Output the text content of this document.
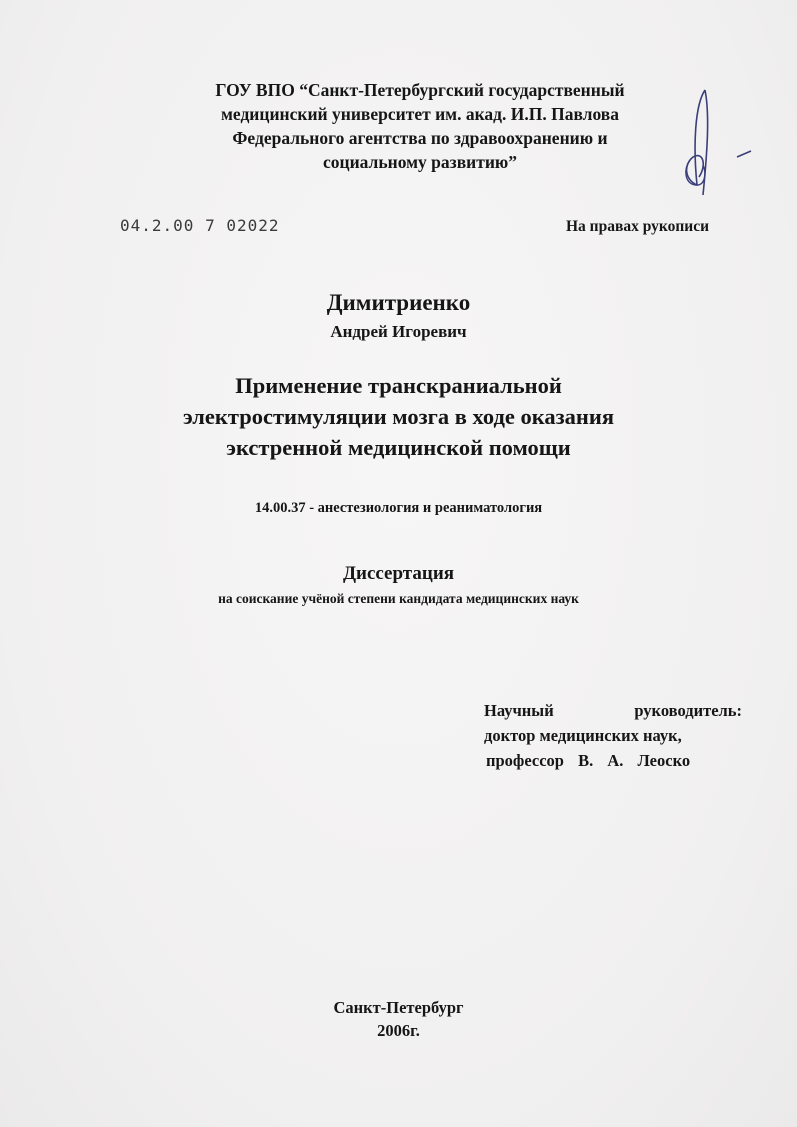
ГОУ ВПО “Санкт-Петербургский государственный
медицинский университет им. акад. И.П. Павлова
Федерального агентства по здравоохранению и
социальному развитию”
04.2.00 7 02022	На правах рукописи
Димитриенко
Андрей Игоревич
Применение транскраниальной
электростимуляции мозга в ходе оказания
экстренной медицинской помощи
14.00.37 - анестезиология и реаниматология
Диссертация
на соискание учёной степени кандидата медицинских наук
Научный	руководитель:
доктор медицинских наук,
профессор В. А. Леоско
Санкт-Петербург
2006г.
